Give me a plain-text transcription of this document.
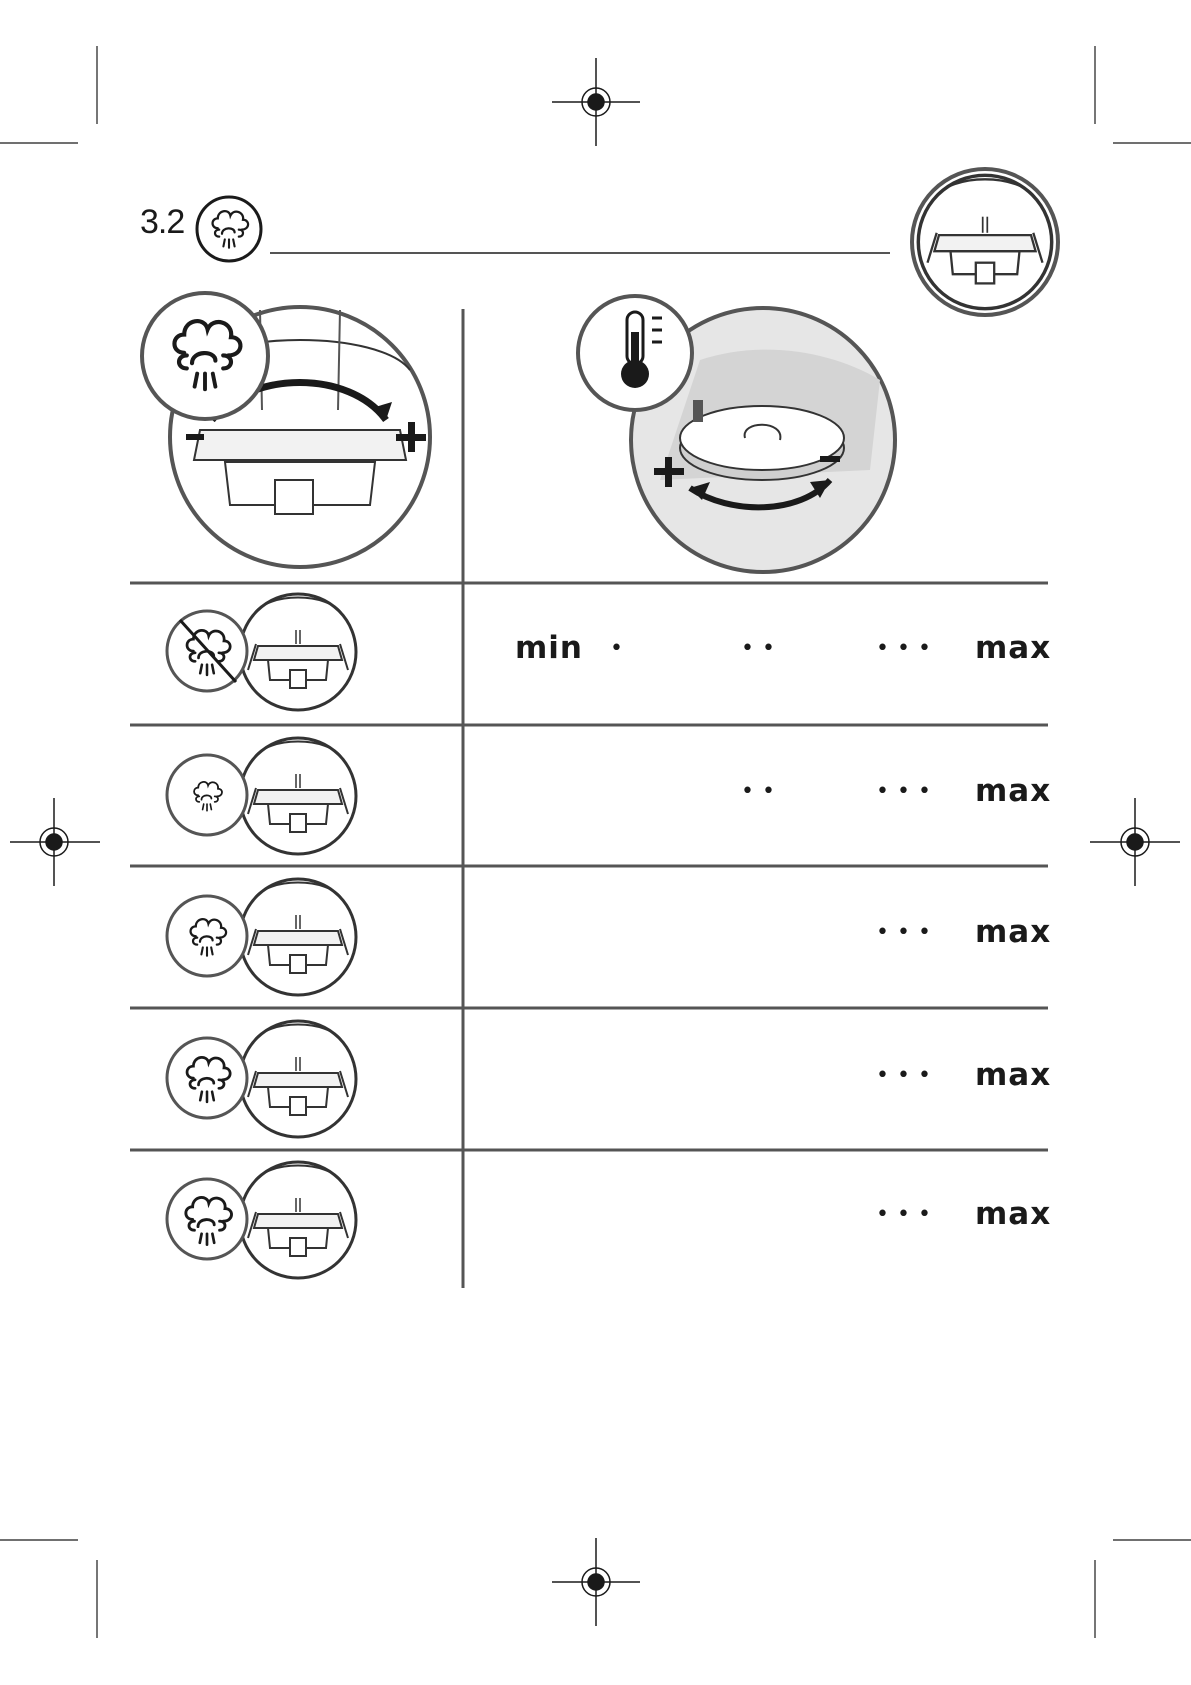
3.2
min •	••	••• max
••	••• max
••• max
••• max
••• max
